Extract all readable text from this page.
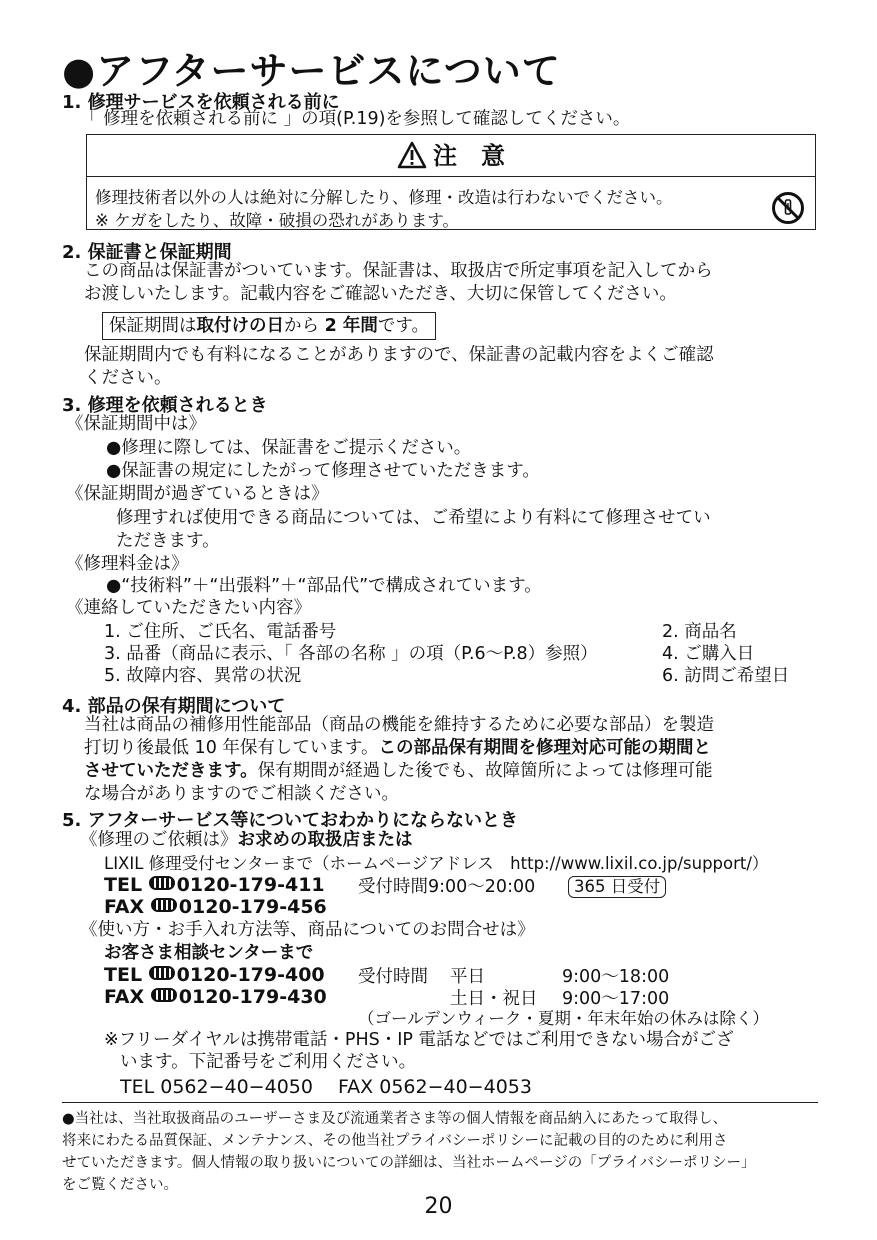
●アフターサービスについて
1. 修理サービスを依頼される前に
「 修理を依頼される前に 」の項(P.19)を参照して確認してください。
注　意
修理技術者以外の人は絶対に分解したり、修理・改造は行わないでください。
※ ケガをしたり、故障・破損の恐れがあります。
2. 保証書と保証期間
この商品は保証書がついています。保証書は、取扱店で所定事項を記入してから
お渡しいたします。記載内容をご確認いただき、大切に保管してください。
保証期間は取付けの日から 2 年間です。
保証期間内でも有料になることがありますので、保証書の記載内容をよくご確認
ください。
3. 修理を依頼されるとき
《保証期間中は》
●修理に際しては、保証書をご提示ください。
●保証書の規定にしたがって修理させていただきます。
《保証期間が過ぎているときは》
修理すれば使用できる商品については、ご希望により有料にて修理させてい
ただきます。
《修理料金は》
●“技術料”＋“出張料”＋“部品代”で構成されています。
《連絡していただきたい内容》
1. ご住所、ご氏名、電話番号	2. 商品名
3. 品番（商品に表示、「 各部の名称 」の項（P.6〜P.8）参照）	4. ご購入日
5. 故障内容、異常の状況	6. 訪問ご希望日
4. 部品の保有期間について
当社は商品の補修用性能部品（商品の機能を維持するために必要な部品）を製造
打切り後最低 10 年保有しています。この部品保有期間を修理対応可能の期間と
させていただきます。保有期間が経過した後でも、故障箇所によっては修理可能
な場合がありますのでご相談ください。
5. アフターサービス等についておわかりにならないとき
《修理のご依頼は》お求めの取扱店または
LIXIL 修理受付センターまで（ホームページアドレス　http://www.lixil.co.jp/support/）
TEL 0120-179-411 受付時間9:00〜20:00	365 日受付
FAX 0120-179-456
《使い方・お手入れ方法等、商品についてのお問合せは》
お客さま相談センターまで
TEL 0120-179-400 受付時間 平日	9:00〜18:00
FAX 0120-179-430	土日・祝日 9:00〜17:00
（ゴールデンウィーク・夏期・年末年始の休みは除く）
※フリーダイヤルは携帯電話・PHS・IP 電話などではご利用できない場合がござ
います。下記番号をご利用ください。
TEL 0562−40−4050　 FAX 0562−40−4053
●当社は、当社取扱商品のユーザーさま及び流通業者さま等の個人情報を商品納入にあたって取得し、
将来にわたる品質保証、メンテナンス、その他当社プライバシーポリシーに記載の目的のために利用さ
せていただきます。個人情報の取り扱いについての詳細は、当社ホームページの「プライバシーポリシー」
をご覧ください。
20
